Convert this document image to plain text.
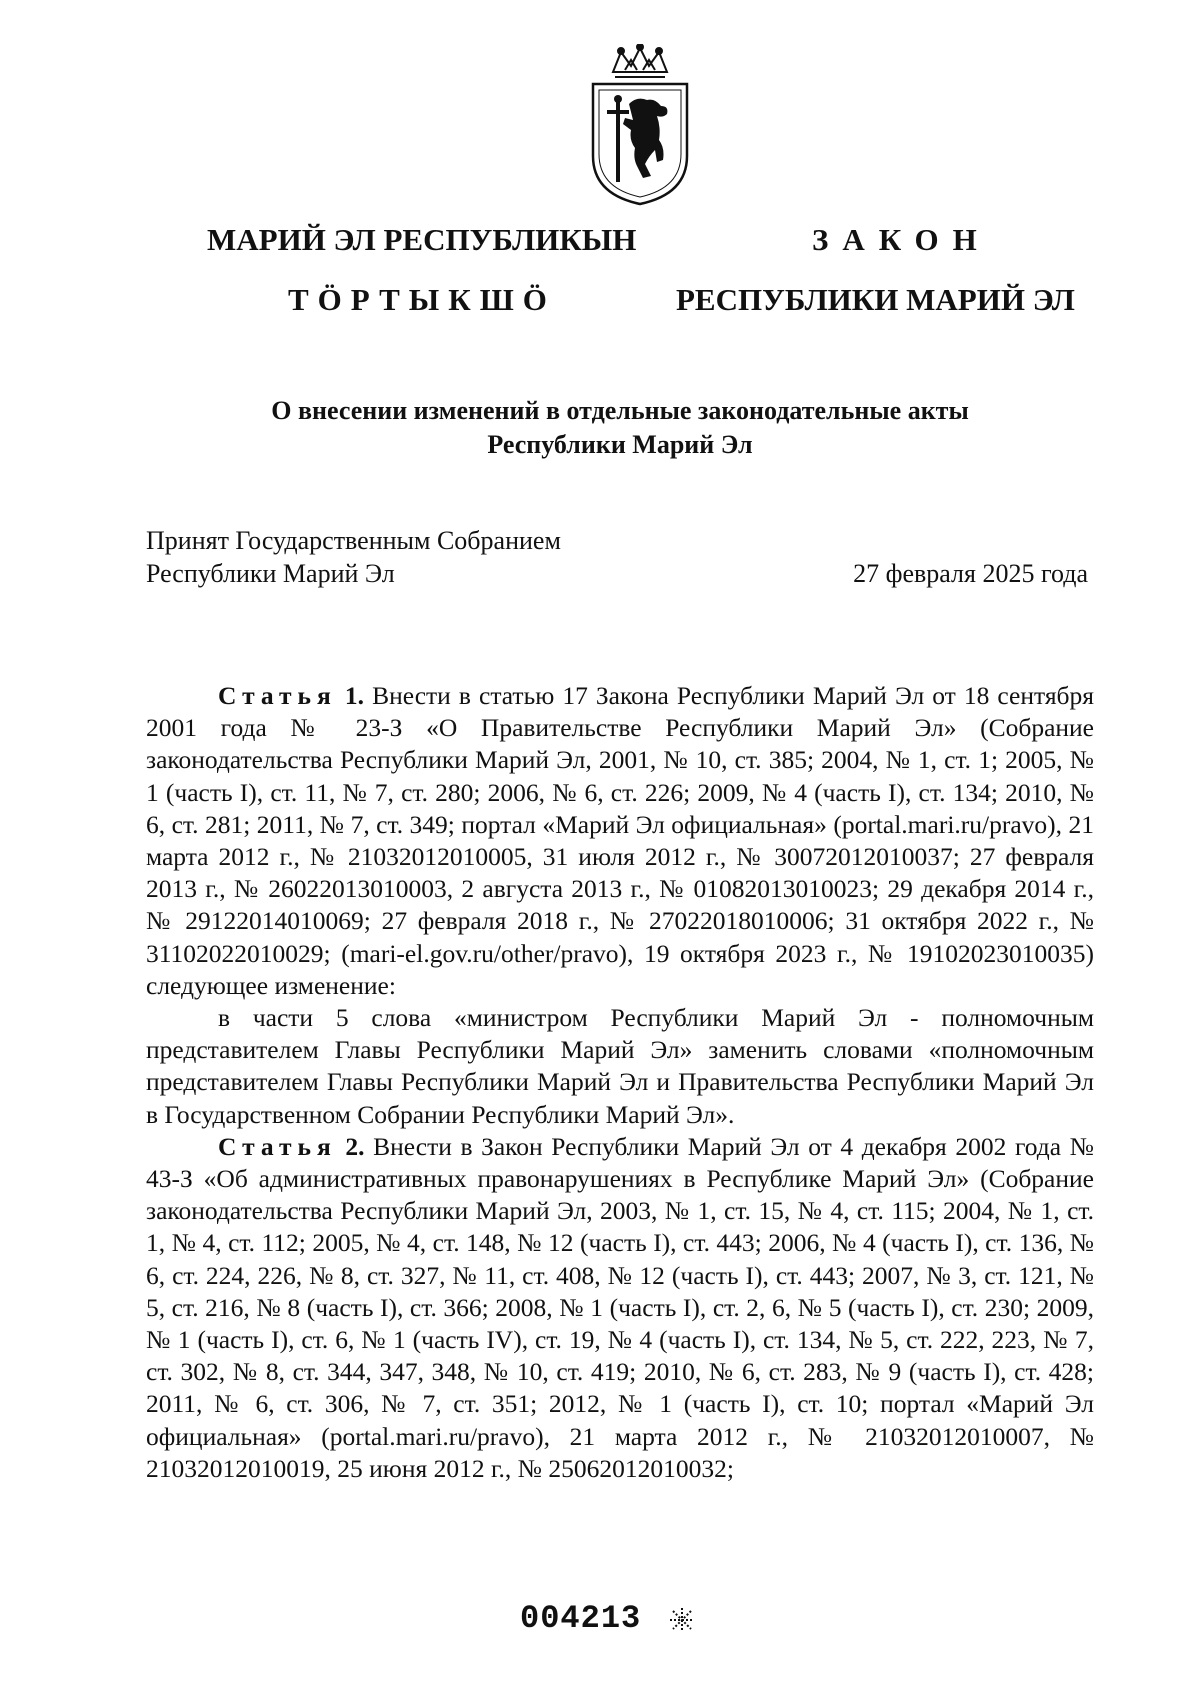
МАРИЙ ЭЛ РЕСПУБЛИКЫН
ТӦРТЫКШӦ
ЗАКОН
РЕСПУБЛИКИ МАРИЙ ЭЛ
О внесении изменений в отдельные законодательные акты
Республики Марий Эл
Принят Государственным Собранием
Республики Марий Эл	27 февраля 2025 года

Статья 1. Внести в статью 17 Закона Республики Марий Эл от 18 сентября 2001 года № 23-З «О Правительстве Республики Марий Эл» (Собрание законодательства Республики Марий Эл, 2001, № 10, ст. 385; 2004, № 1, ст. 1; 2005, № 1 (часть I), ст. 11, № 7, ст. 280; 2006, № 6, ст. 226; 2009, № 4 (часть I), ст. 134; 2010, № 6, ст. 281; 2011, № 7, ст. 349; портал «Марий Эл официальная» (portal.mari.ru/pravo), 21 марта 2012 г., № 21032012010005, 31 июля 2012 г., № 30072012010037; 27 февраля 2013 г., № 26022013010003, 2 августа 2013 г., № 01082013010023; 29 декабря 2014 г., № 29122014010069; 27 февраля 2018 г., № 27022018010006; 31 октября 2022 г., № 31102022010029; (mari-el.gov.ru/other/pravo), 19 октября 2023 г., № 19102023010035) следующее изменение:

в части 5 слова «министром Республики Марий Эл - полномочным представителем Главы Республики Марий Эл» заменить словами «полномочным представителем Главы Республики Марий Эл и Правительства Республики Марий Эл в Государственном Собрании Республики Марий Эл».

Статья 2. Внести в Закон Республики Марий Эл от 4 декабря 2002 года № 43-З «Об административных правонарушениях в Республике Марий Эл» (Собрание законодательства Республики Марий Эл, 2003, № 1, ст. 15, № 4, ст. 115; 2004, № 1, ст. 1, № 4, ст. 112; 2005, № 4, ст. 148, № 12 (часть I), ст. 443; 2006, № 4 (часть I), ст. 136, № 6, ст. 224, 226, № 8, ст. 327, № 11, ст. 408, № 12 (часть I), ст. 443; 2007, № 3, ст. 121, № 5, ст. 216, № 8 (часть I), ст. 366; 2008, № 1 (часть I), ст. 2, 6, № 5 (часть I), ст. 230; 2009, № 1 (часть I), ст. 6, № 1 (часть IV), ст. 19, № 4 (часть I), ст. 134, № 5, ст. 222, 223, № 7, ст. 302, № 8, ст. 344, 347, 348, № 10, ст. 419; 2010, № 6, ст. 283, № 9 (часть I), ст. 428; 2011, № 6, ст. 306, № 7, ст. 351; 2012, № 1 (часть I), ст. 10; портал «Марий Эл официальная» (portal.mari.ru/pravo), 21 марта 2012 г., № 21032012010007, № 21032012010019, 25 июня 2012 г., № 25062012010032;

004213
